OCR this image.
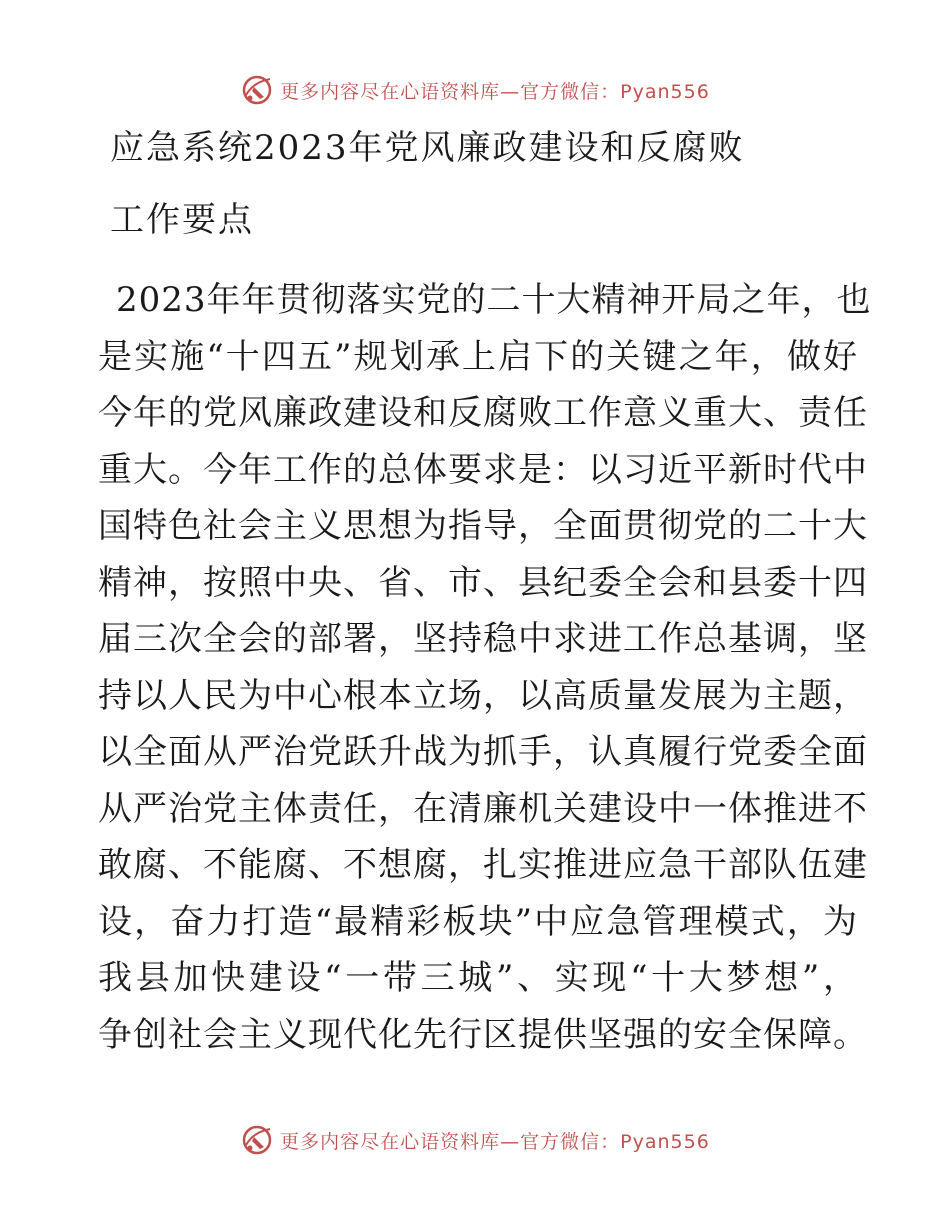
更多内容尽在心语资料库—官方微信：Pyan556
应急系统2023年党风廉政建设和反腐败
工作要点
2023年年贯彻落实党的二十大精神开局之年，也
是实施“十四五”规划承上启下的关键之年，做好
今年的党风廉政建设和反腐败工作意义重大、责任
重大。今年工作的总体要求是：以习近平新时代中
国特色社会主义思想为指导，全面贯彻党的二十大
精神，按照中央、省、市、县纪委全会和县委十四
届三次全会的部署，坚持稳中求进工作总基调，坚
持以人民为中心根本立场，以高质量发展为主题，
以全面从严治党跃升战为抓手，认真履行党委全面
从严治党主体责任，在清廉机关建设中一体推进不
敢腐、不能腐、不想腐，扎实推进应急干部队伍建
设，奋力打造“最精彩板块”中应急管理模式，为
我县加快建设“一带三城”、实现“十大梦想”，
争创社会主义现代化先行区提供坚强的安全保障。
更多内容尽在心语资料库—官方微信：Pyan556
